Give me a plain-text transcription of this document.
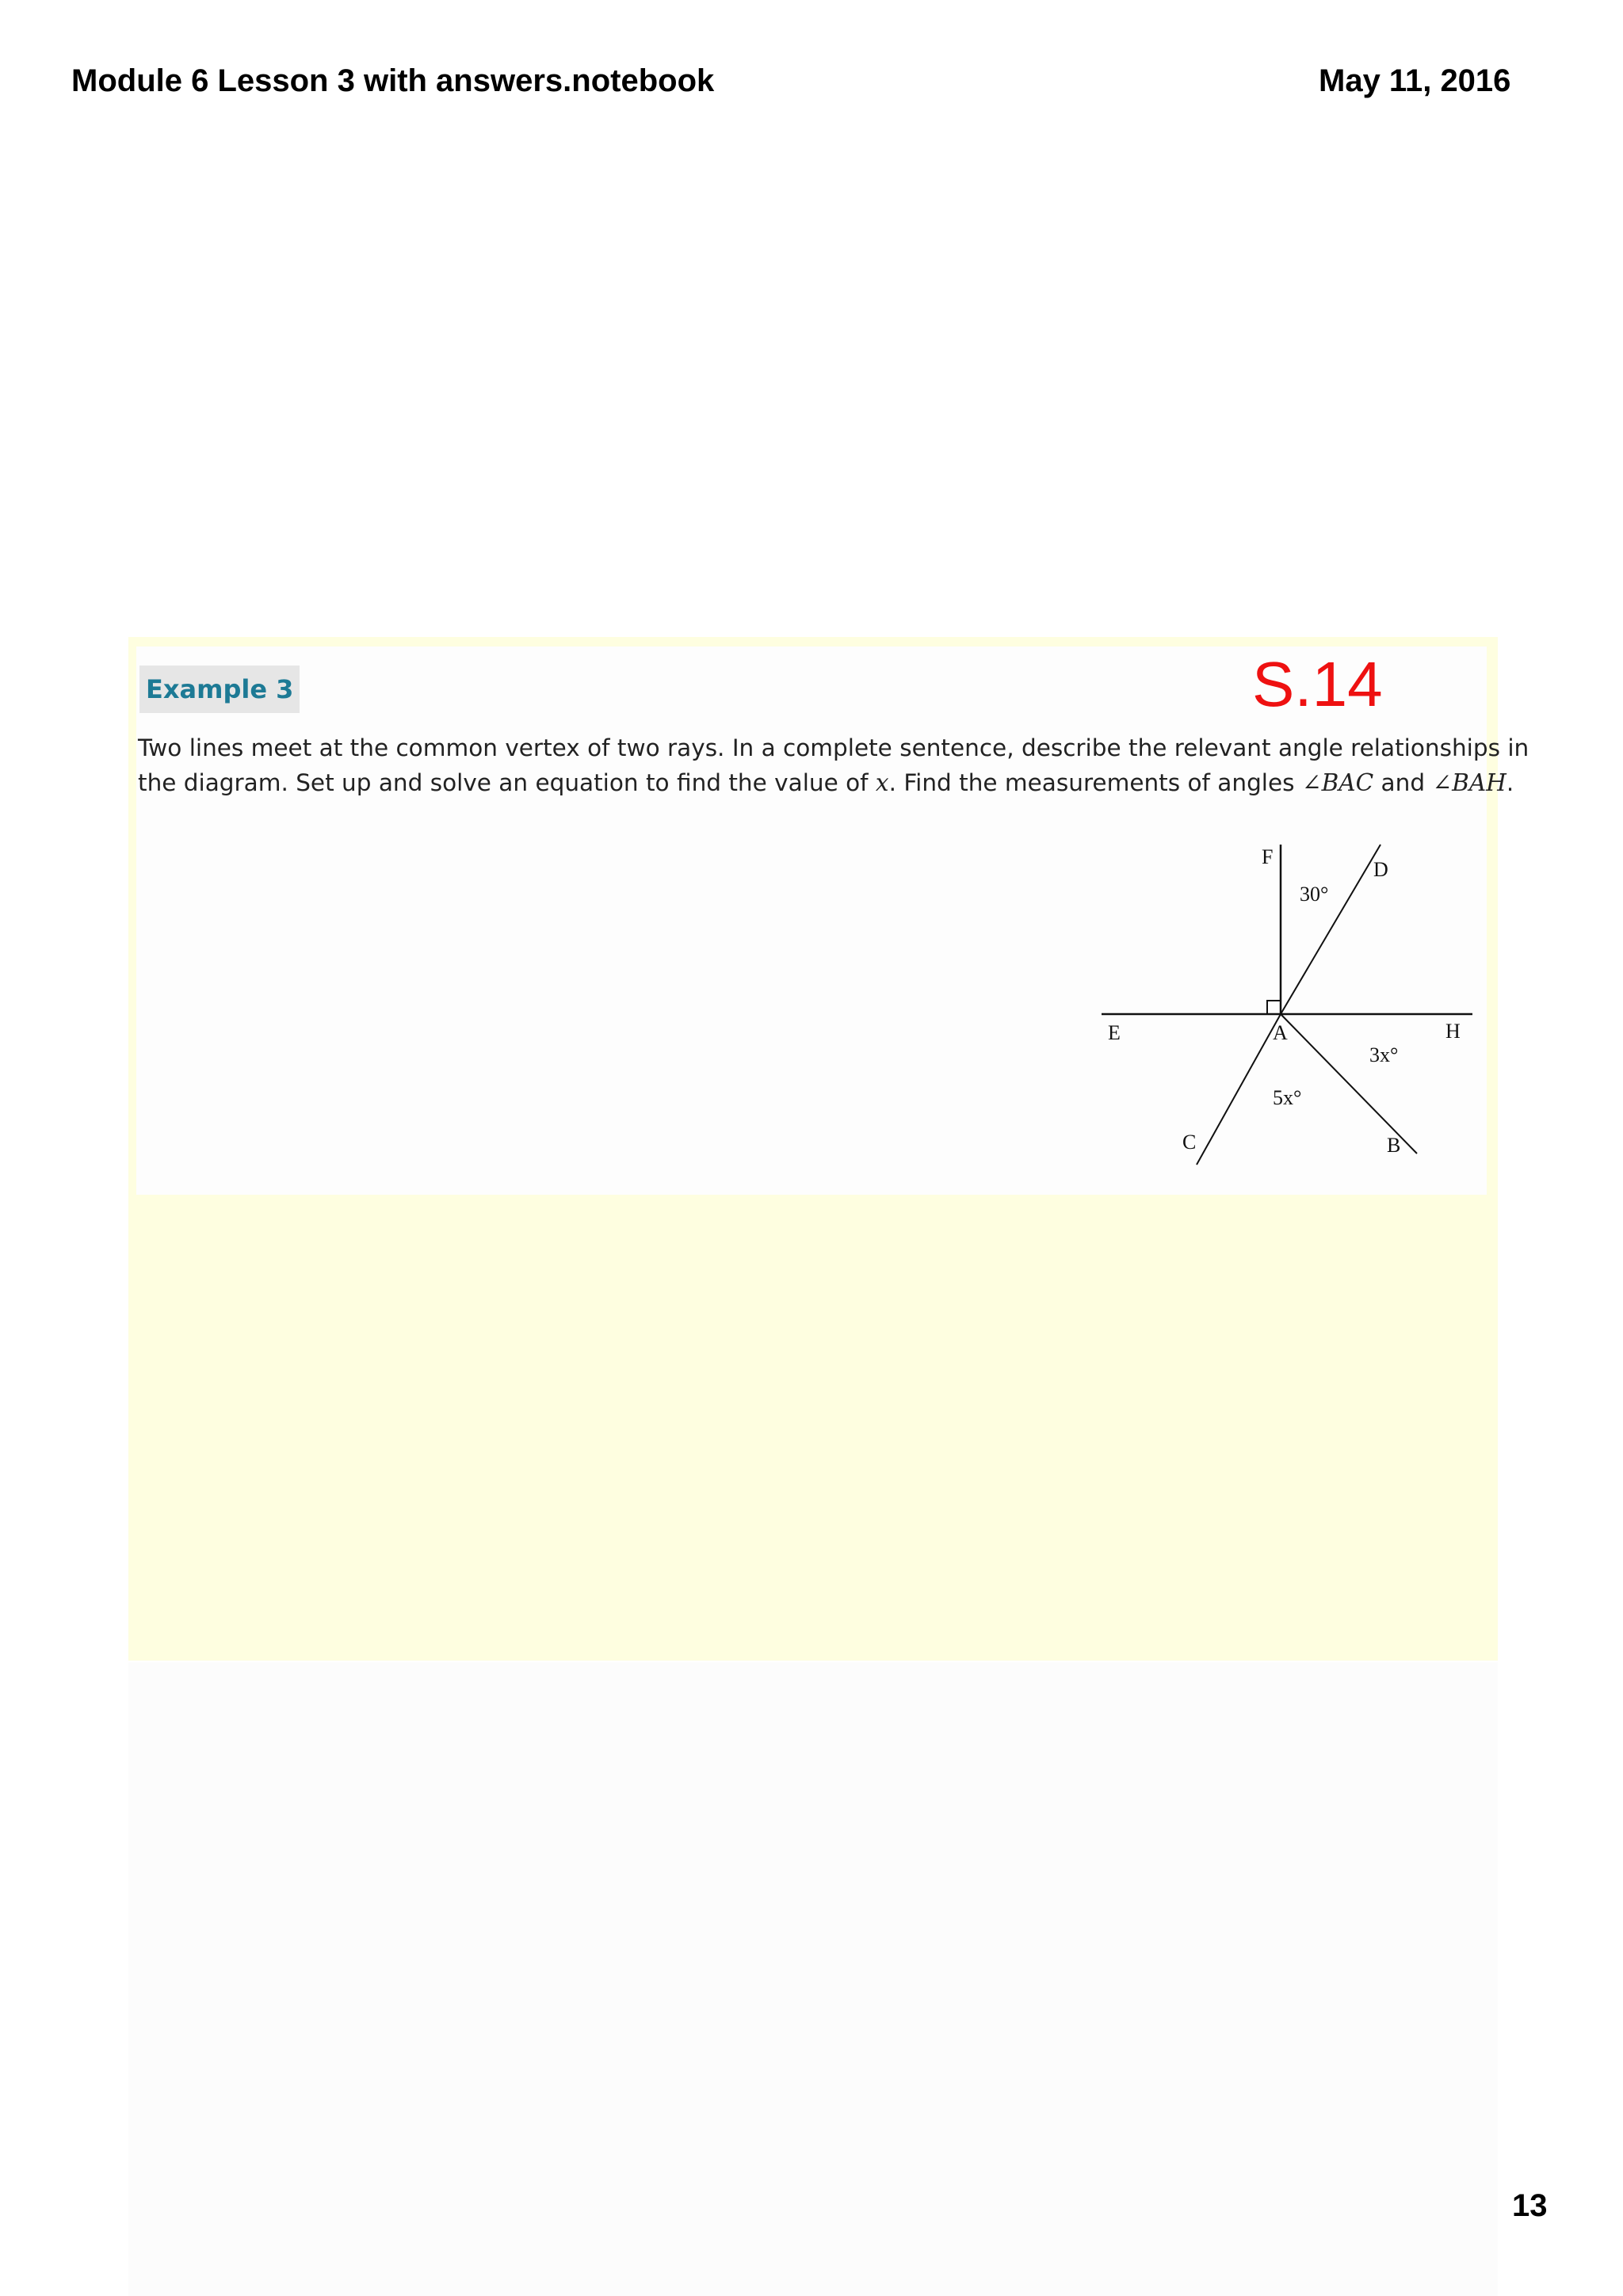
Module 6 Lesson 3 with answers.notebook	May 11, 2016
Example 3	S.14

Two lines meet at the common vertex of two rays. In a complete sentence, describe the relevant angle relationships in

the diagram. Set up and solve an equation to find the value of x. Find the measurements of angles ∠BAC and ∠BAH.

F
D
E	A	H
C	B
30°
3x°
5x°
13
